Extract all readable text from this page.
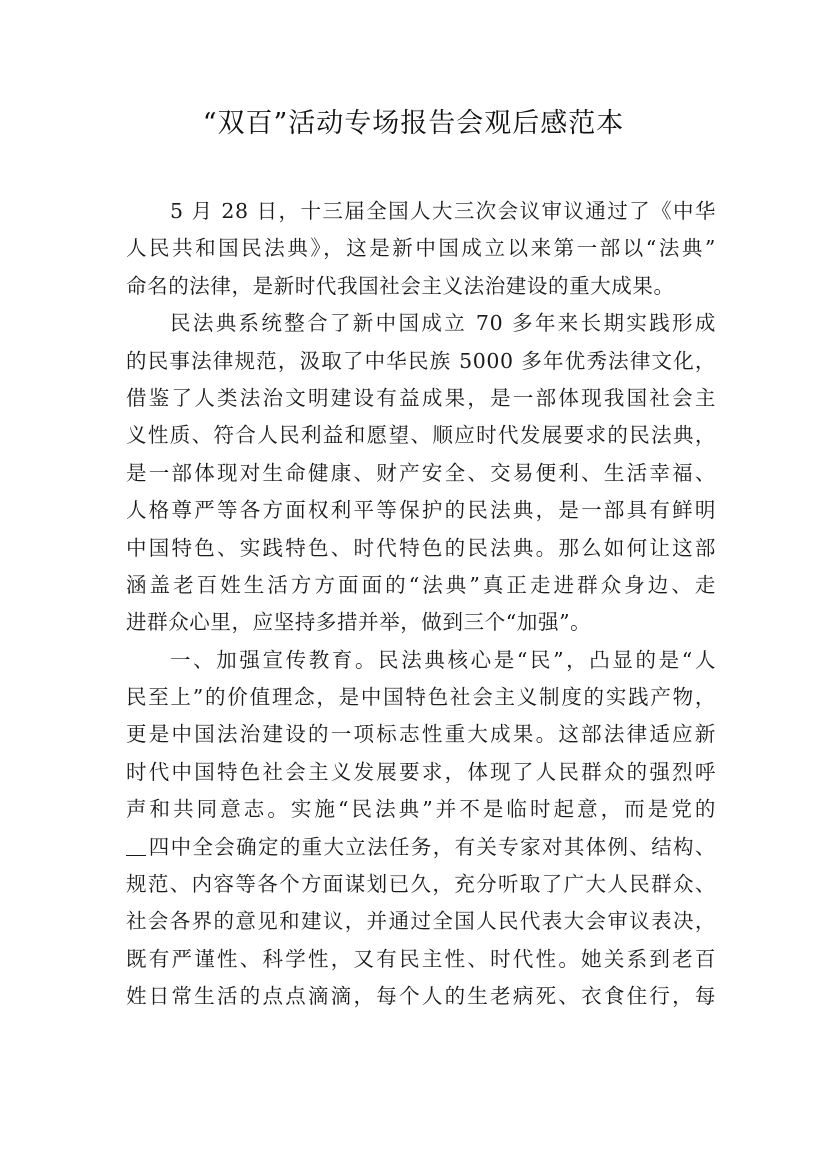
“双百”活动专场报告会观后感范本
5 月 28 日，十三届全国人大三次会议审议通过了《中华
人民共和国民法典》，这是新中国成立以来第一部以“法典”
命名的法律，是新时代我国社会主义法治建设的重大成果。
民法典系统整合了新中国成立 70 多年来长期实践形成
的民事法律规范，汲取了中华民族 5000 多年优秀法律文化，
借鉴了人类法治文明建设有益成果，是一部体现我国社会主
义性质、符合人民利益和愿望、顺应时代发展要求的民法典，
是一部体现对生命健康、财产安全、交易便利、生活幸福、
人格尊严等各方面权利平等保护的民法典，是一部具有鲜明
中国特色、实践特色、时代特色的民法典。那么如何让这部
涵盖老百姓生活方方面面的“法典”真正走进群众身边、走
进群众心里，应坚持多措并举，做到三个“加强”。
一、加强宣传教育。民法典核心是“民”，凸显的是“人
民至上”的价值理念，是中国特色社会主义制度的实践产物，
更是中国法治建设的一项标志性重大成果。这部法律适应新
时代中国特色社会主义发展要求，体现了人民群众的强烈呼
声和共同意志。实施“民法典”并不是临时起意，而是党的
四中全会确定的重大立法任务，有关专家对其体例、结构、
规范、内容等各个方面谋划已久，充分听取了广大人民群众、
社会各界的意见和建议，并通过全国人民代表大会审议表决，
既有严谨性、科学性，又有民主性、时代性。她关系到老百
姓日常生活的点点滴滴，每个人的生老病死、衣食住行，每
